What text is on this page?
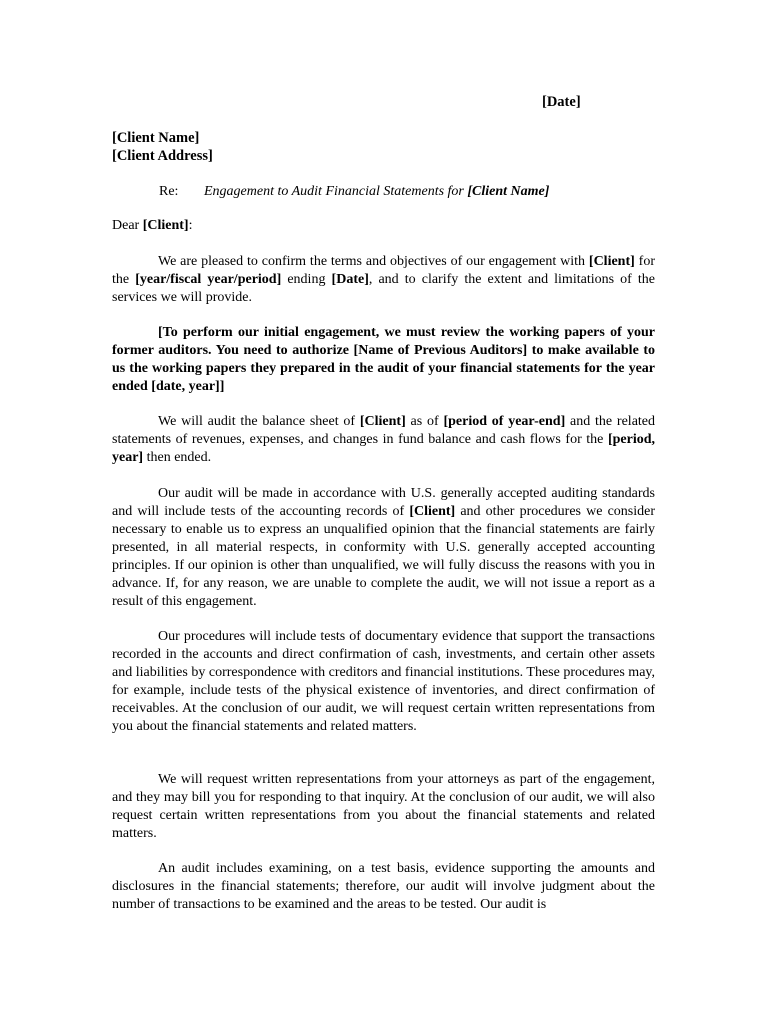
[Date]
[Client Name]
[Client Address]
Re: Engagement to Audit Financial Statements for [Client Name]
Dear [Client]:
We are pleased to confirm the terms and objectives of our engagement with [Client] for the [year/fiscal year/period] ending [Date], and to clarify the extent and limitations of the services we will provide.
[To perform our initial engagement, we must review the working papers of your former auditors. You need to authorize [Name of Previous Auditors] to make available to us the working papers they prepared in the audit of your financial statements for the year ended [date, year]]
We will audit the balance sheet of [Client] as of [period of year-end] and the related statements of revenues, expenses, and changes in fund balance and cash flows for the [period, year] then ended.
Our audit will be made in accordance with U.S. generally accepted auditing standards and will include tests of the accounting records of [Client] and other procedures we consider necessary to enable us to express an unqualified opinion that the financial statements are fairly presented, in all material respects, in conformity with U.S. generally accepted accounting principles. If our opinion is other than unqualified, we will fully discuss the reasons with you in advance. If, for any reason, we are unable to complete the audit, we will not issue a report as a result of this engagement.
Our procedures will include tests of documentary evidence that support the transactions recorded in the accounts and direct confirmation of cash, investments, and certain other assets and liabilities by correspondence with creditors and financial institutions. These procedures may, for example, include tests of the physical existence of inventories, and direct confirmation of receivables. At the conclusion of our audit, we will request certain written representations from you about the financial statements and related matters.
We will request written representations from your attorneys as part of the engagement, and they may bill you for responding to that inquiry. At the conclusion of our audit, we will also request certain written representations from you about the financial statements and related matters.
An audit includes examining, on a test basis, evidence supporting the amounts and disclosures in the financial statements; therefore, our audit will involve judgment about the number of transactions to be examined and the areas to be tested. Our audit is
